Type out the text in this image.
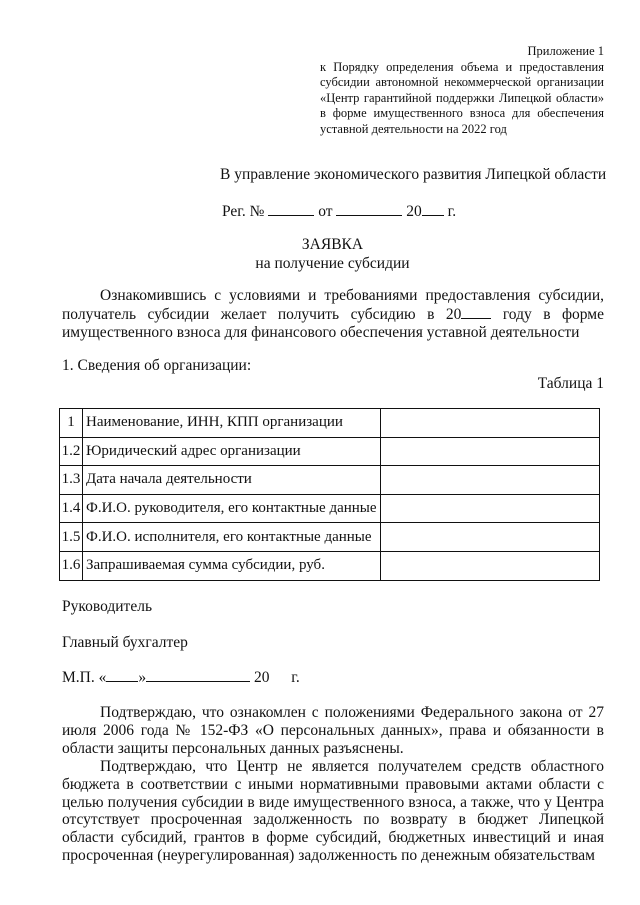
Приложение 1
к Порядку определения объема и предоставления субсидии автономной некоммерческой организации «Центр гарантийной поддержки Липецкой области» в форме имущественного взноса для обеспечения уставной деятельности на 2022 год
В управление экономического развития Липецкой области
Рег. №	от	20 г.
ЗАЯВКА
на получение субсидии
Ознакомившись с условиями и требованиями предоставления субсидии, получатель субсидии желает получить субсидию в 20 году в форме имущественного взноса для финансового обеспечения уставной деятельности
1. Сведения об организации:
Таблица 1
1	Наименование, ИНН, КПП организации	
1.2	Юридический адрес организации	
1.3	Дата начала деятельности	
1.4	Ф.И.О. руководителя, его контактные данные	
1.5	Ф.И.О. исполнителя, его контактные данные	
1.6	Запрашиваемая сумма субсидии, руб.	
Руководитель
Главный бухгалтер
М.П. « »	20 г.
Подтверждаю, что ознакомлен с положениями Федерального закона от 27 июля 2006 года № 152-ФЗ «О персональных данных», права и обязанности в области защиты персональных данных разъяснены.
Подтверждаю, что Центр не является получателем средств областного бюджета в соответствии с иными нормативными правовыми актами области с целью получения субсидии в виде имущественного взноса, а также, что у Центра отсутствует просроченная задолженность по возврату в бюджет Липецкой области субсидий, грантов в форме субсидий, бюджетных инвестиций и иная просроченная (неурегулированная) задолженность по денежным обязательствам
